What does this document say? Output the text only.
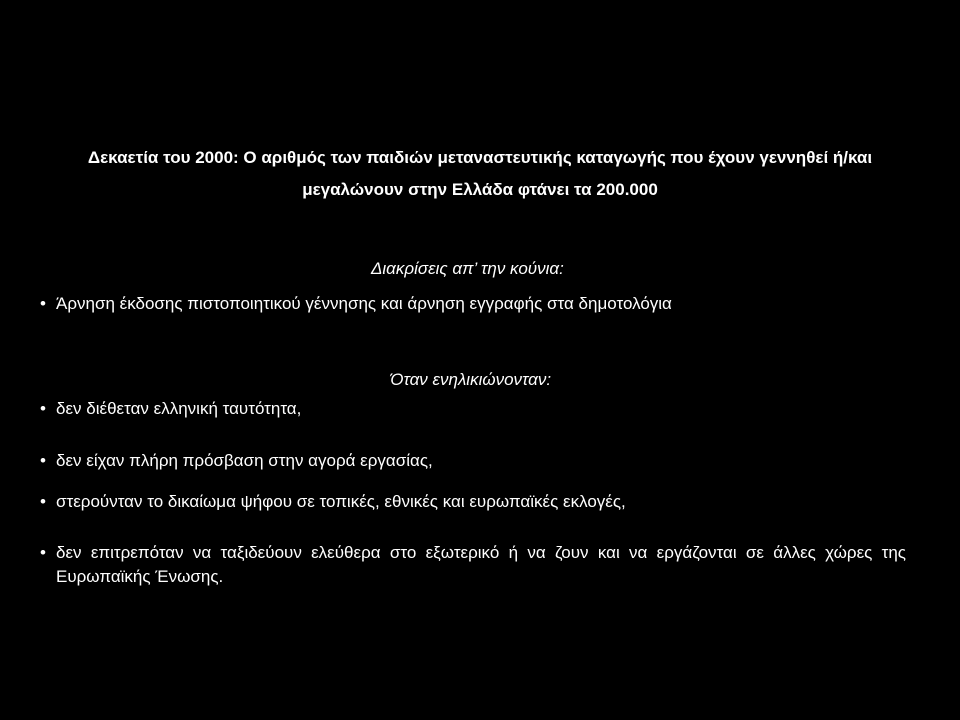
Δεκαετία του 2000: Ο αριθμός των παιδιών μεταναστευτικής καταγωγής που έχουν γεννηθεί ή/και μεγαλώνουν στην Ελλάδα φτάνει τα 200.000

Διακρίσεις απ’ την κούνια:

• Άρνηση έκδοσης πιστοποιητικού γέννησης και άρνηση εγγραφής στα δημοτολόγια

Όταν ενηλικιώνονταν:

• δεν διέθεταν ελληνική ταυτότητα,
• δεν είχαν πλήρη πρόσβαση στην αγορά εργασίας,
• στερούνταν το δικαίωμα ψήφου σε τοπικές, εθνικές και ευρωπαϊκές εκλογές,
• δεν επιτρεπόταν να ταξιδεύουν ελεύθερα στο εξωτερικό ή να ζουν και να εργάζονται σε άλλες χώρες της Ευρωπαϊκής Ένωσης.
